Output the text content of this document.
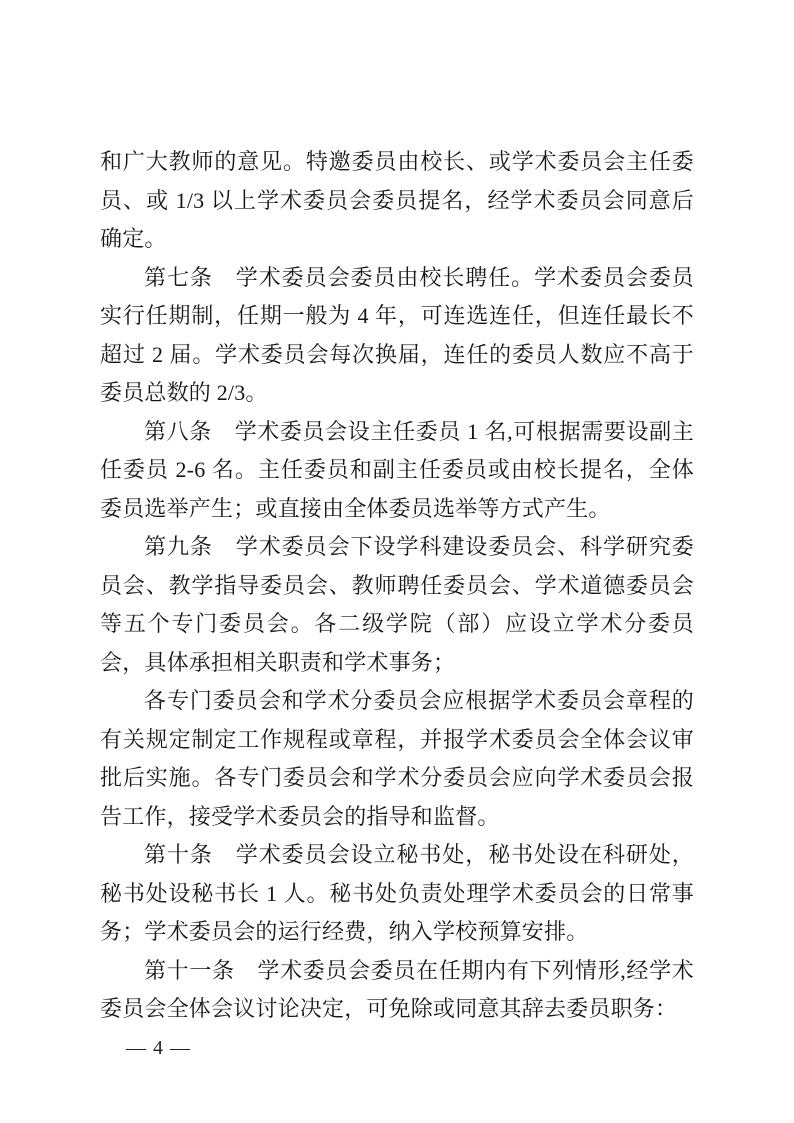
和广大教师的意见。特邀委员由校长、或学术委员会主任委员、或 1/3 以上学术委员会委员提名，经学术委员会同意后确定。

第七条　学术委员会委员由校长聘任。学术委员会委员实行任期制，任期一般为 4 年，可连选连任，但连任最长不超过 2 届。学术委员会每次换届，连任的委员人数应不高于委员总数的 2/3。

第八条　学术委员会设主任委员 1 名,可根据需要设副主任委员 2-6 名。主任委员和副主任委员或由校长提名，全体委员选举产生；或直接由全体委员选举等方式产生。

第九条　学术委员会下设学科建设委员会、科学研究委员会、教学指导委员会、教师聘任委员会、学术道德委员会等五个专门委员会。各二级学院（部）应设立学术分委员会，具体承担相关职责和学术事务；

各专门委员会和学术分委员会应根据学术委员会章程的有关规定制定工作规程或章程，并报学术委员会全体会议审批后实施。各专门委员会和学术分委员会应向学术委员会报告工作，接受学术委员会的指导和监督。

第十条　学术委员会设立秘书处，秘书处设在科研处，秘书处设秘书长 1 人。秘书处负责处理学术委员会的日常事务；学术委员会的运行经费，纳入学校预算安排。

第十一条　学术委员会委员在任期内有下列情形,经学术委员会全体会议讨论决定，可免除或同意其辞去委员职务：

— 4 —
